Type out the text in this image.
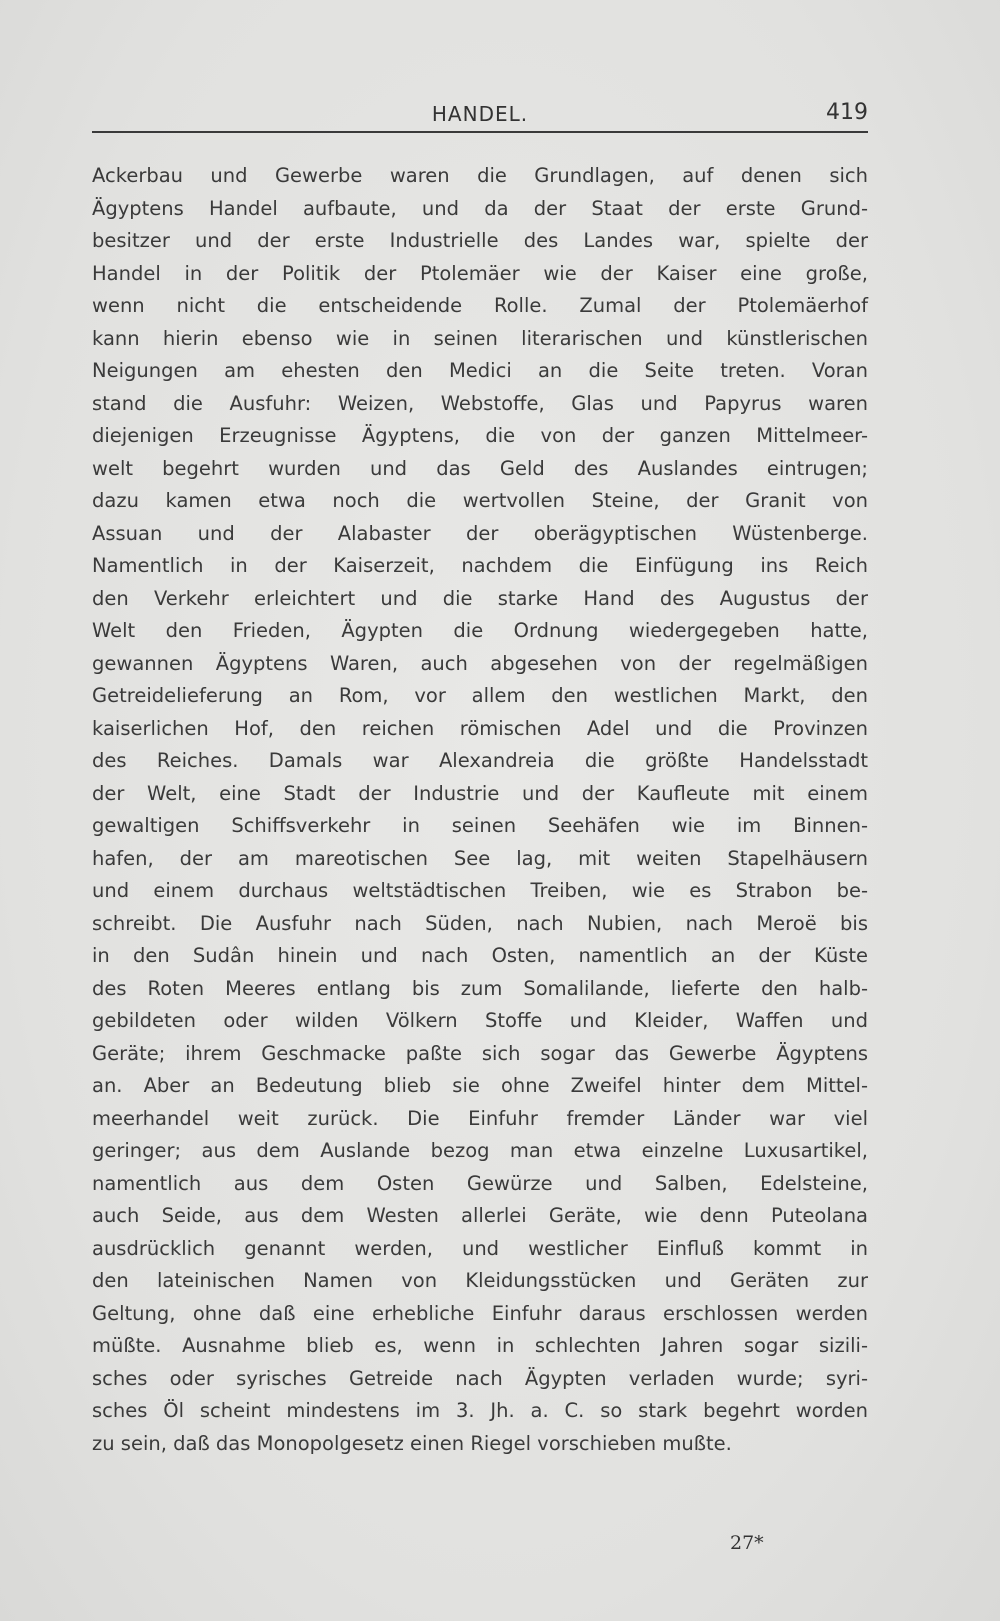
HANDEL.	419
Ackerbau und Gewerbe waren die Grundlagen, auf denen sich
Ägyptens Handel aufbaute, und da der Staat der erste Grund-
besitzer und der erste Industrielle des Landes war, spielte der
Handel in der Politik der Ptolemäer wie der Kaiser eine große,
wenn nicht die entscheidende Rolle. Zumal der Ptolemäerhof
kann hierin ebenso wie in seinen literarischen und künstlerischen
Neigungen am ehesten den Medici an die Seite treten. Voran
stand die Ausfuhr: Weizen, Webstoffe, Glas und Papyrus waren
diejenigen Erzeugnisse Ägyptens, die von der ganzen Mittelmeer-
welt begehrt wurden und das Geld des Auslandes eintrugen;
dazu kamen etwa noch die wertvollen Steine, der Granit von
Assuan und der Alabaster der oberägyptischen Wüstenberge.
Namentlich in der Kaiserzeit, nachdem die Einfügung ins Reich
den Verkehr erleichtert und die starke Hand des Augustus der
Welt den Frieden, Ägypten die Ordnung wiedergegeben hatte,
gewannen Ägyptens Waren, auch abgesehen von der regelmäßigen
Getreidelieferung an Rom, vor allem den westlichen Markt, den
kaiserlichen Hof, den reichen römischen Adel und die Provinzen
des Reiches. Damals war Alexandreia die größte Handelsstadt
der Welt, eine Stadt der Industrie und der Kaufleute mit einem
gewaltigen Schiffsverkehr in seinen Seehäfen wie im Binnen-
hafen, der am mareotischen See lag, mit weiten Stapelhäusern
und einem durchaus weltstädtischen Treiben, wie es Strabon be-
schreibt. Die Ausfuhr nach Süden, nach Nubien, nach Meroë bis
in den Sudân hinein und nach Osten, namentlich an der Küste
des Roten Meeres entlang bis zum Somalilande, lieferte den halb-
gebildeten oder wilden Völkern Stoffe und Kleider, Waffen und
Geräte; ihrem Geschmacke paßte sich sogar das Gewerbe Ägyptens
an. Aber an Bedeutung blieb sie ohne Zweifel hinter dem Mittel-
meerhandel weit zurück. Die Einfuhr fremder Länder war viel
geringer; aus dem Auslande bezog man etwa einzelne Luxusartikel,
namentlich aus dem Osten Gewürze und Salben, Edelsteine,
auch Seide, aus dem Westen allerlei Geräte, wie denn Puteolana
ausdrücklich genannt werden, und westlicher Einfluß kommt in
den lateinischen Namen von Kleidungsstücken und Geräten zur
Geltung, ohne daß eine erhebliche Einfuhr daraus erschlossen werden
müßte. Ausnahme blieb es, wenn in schlechten Jahren sogar sizili-
sches oder syrisches Getreide nach Ägypten verladen wurde; syri-
sches Öl scheint mindestens im 3. Jh. a. C. so stark begehrt worden
zu sein, daß das Monopolgesetz einen Riegel vorschieben mußte.
27*
